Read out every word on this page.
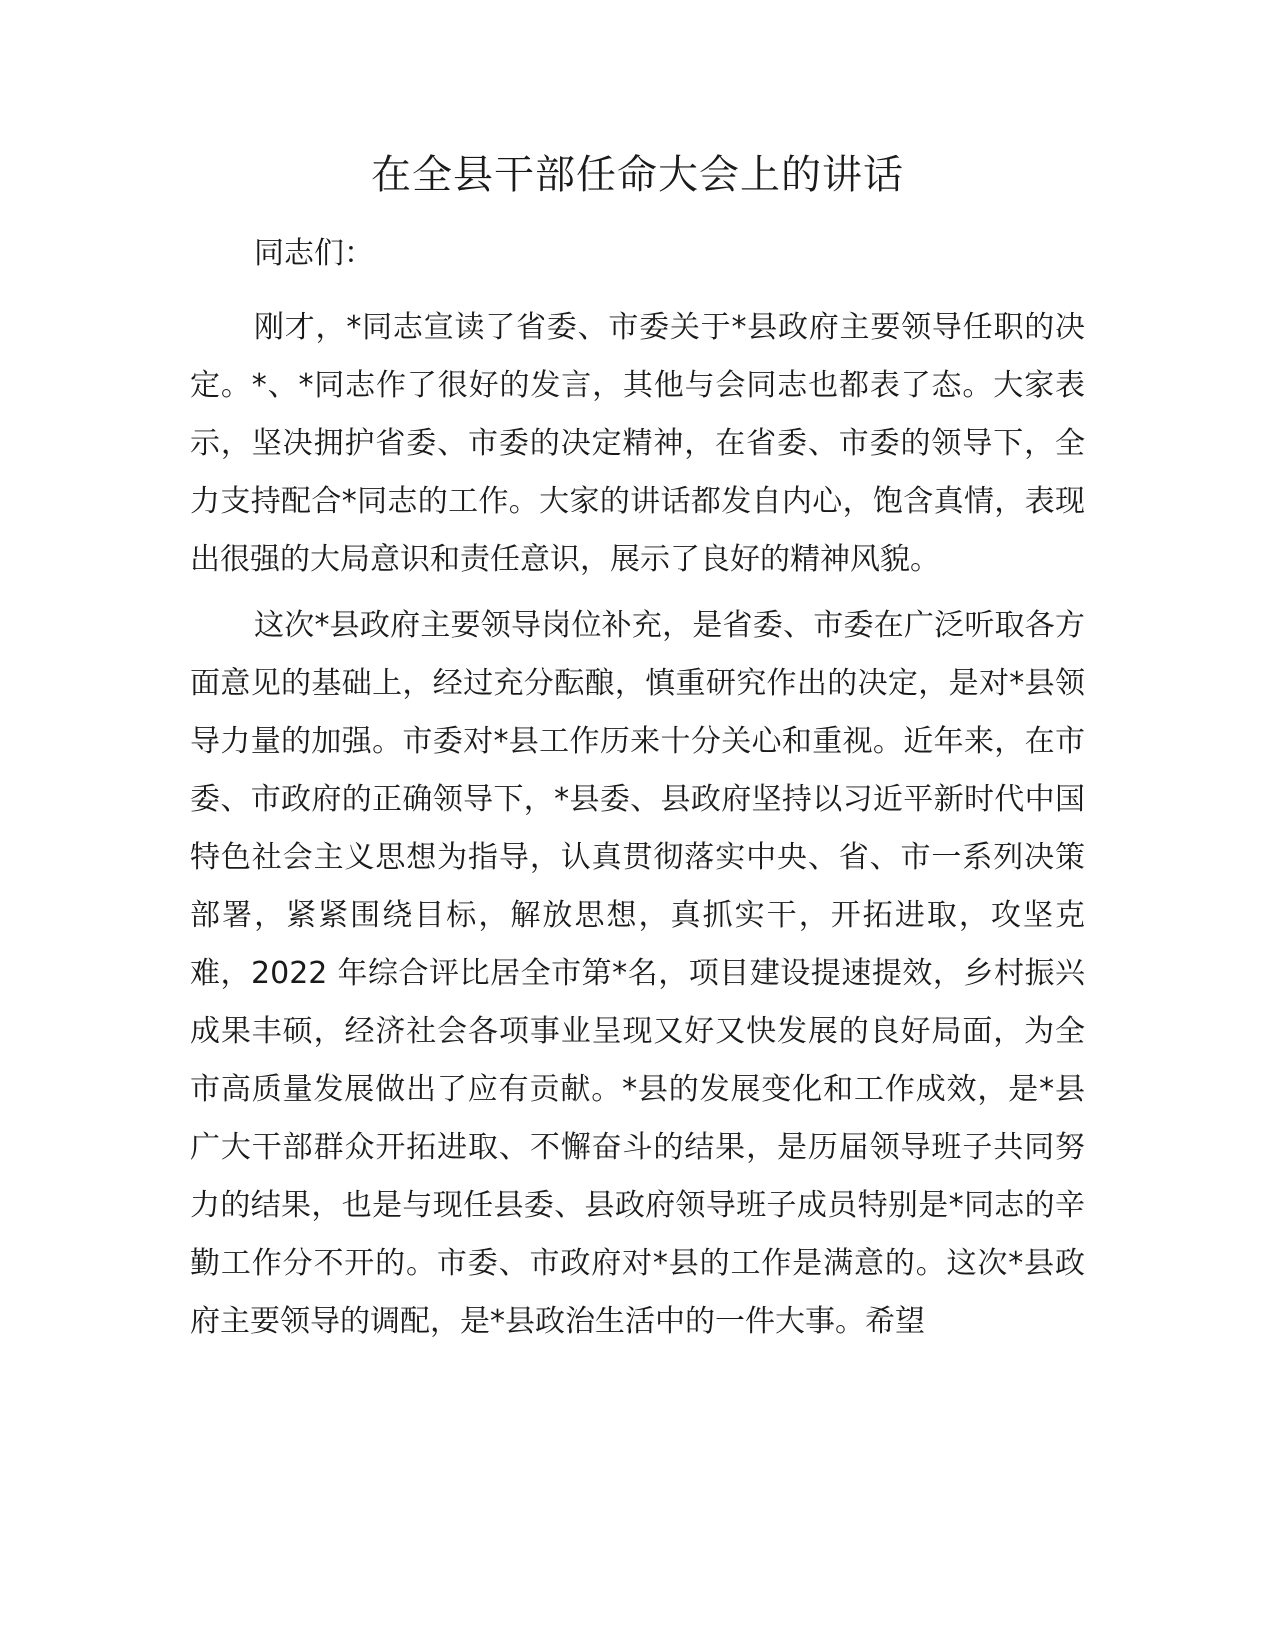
在全县干部任命大会上的讲话

同志们：

刚才，*同志宣读了省委、市委关于*县政府主要领导任职的决定。*、*同志作了很好的发言，其他与会同志也都表了态。大家表示，坚决拥护省委、市委的决定精神，在省委、市委的领导下，全力支持配合*同志的工作。大家的讲话都发自内心，饱含真情，表现出很强的大局意识和责任意识，展示了良好的精神风貌。

这次*县政府主要领导岗位补充，是省委、市委在广泛听取各方面意见的基础上，经过充分酝酿，慎重研究作出的决定，是对*县领导力量的加强。市委对*县工作历来十分关心和重视。近年来，在市委、市政府的正确领导下，*县委、县政府坚持以习近平新时代中国特色社会主义思想为指导，认真贯彻落实中央、省、市一系列决策部署，紧紧围绕目标，解放思想，真抓实干，开拓进取，攻坚克难，2022 年综合评比居全市第*名，项目建设提速提效，乡村振兴成果丰硕，经济社会各项事业呈现又好又快发展的良好局面，为全市高质量发展做出了应有贡献。*县的发展变化和工作成效，是*县广大干部群众开拓进取、不懈奋斗的结果，是历届领导班子共同努力的结果，也是与现任县委、县政府领导班子成员特别是*同志的辛勤工作分不开的。市委、市政府对*县的工作是满意的。这次*县政府主要领导的调配，是*县政治生活中的一件大事。希望
